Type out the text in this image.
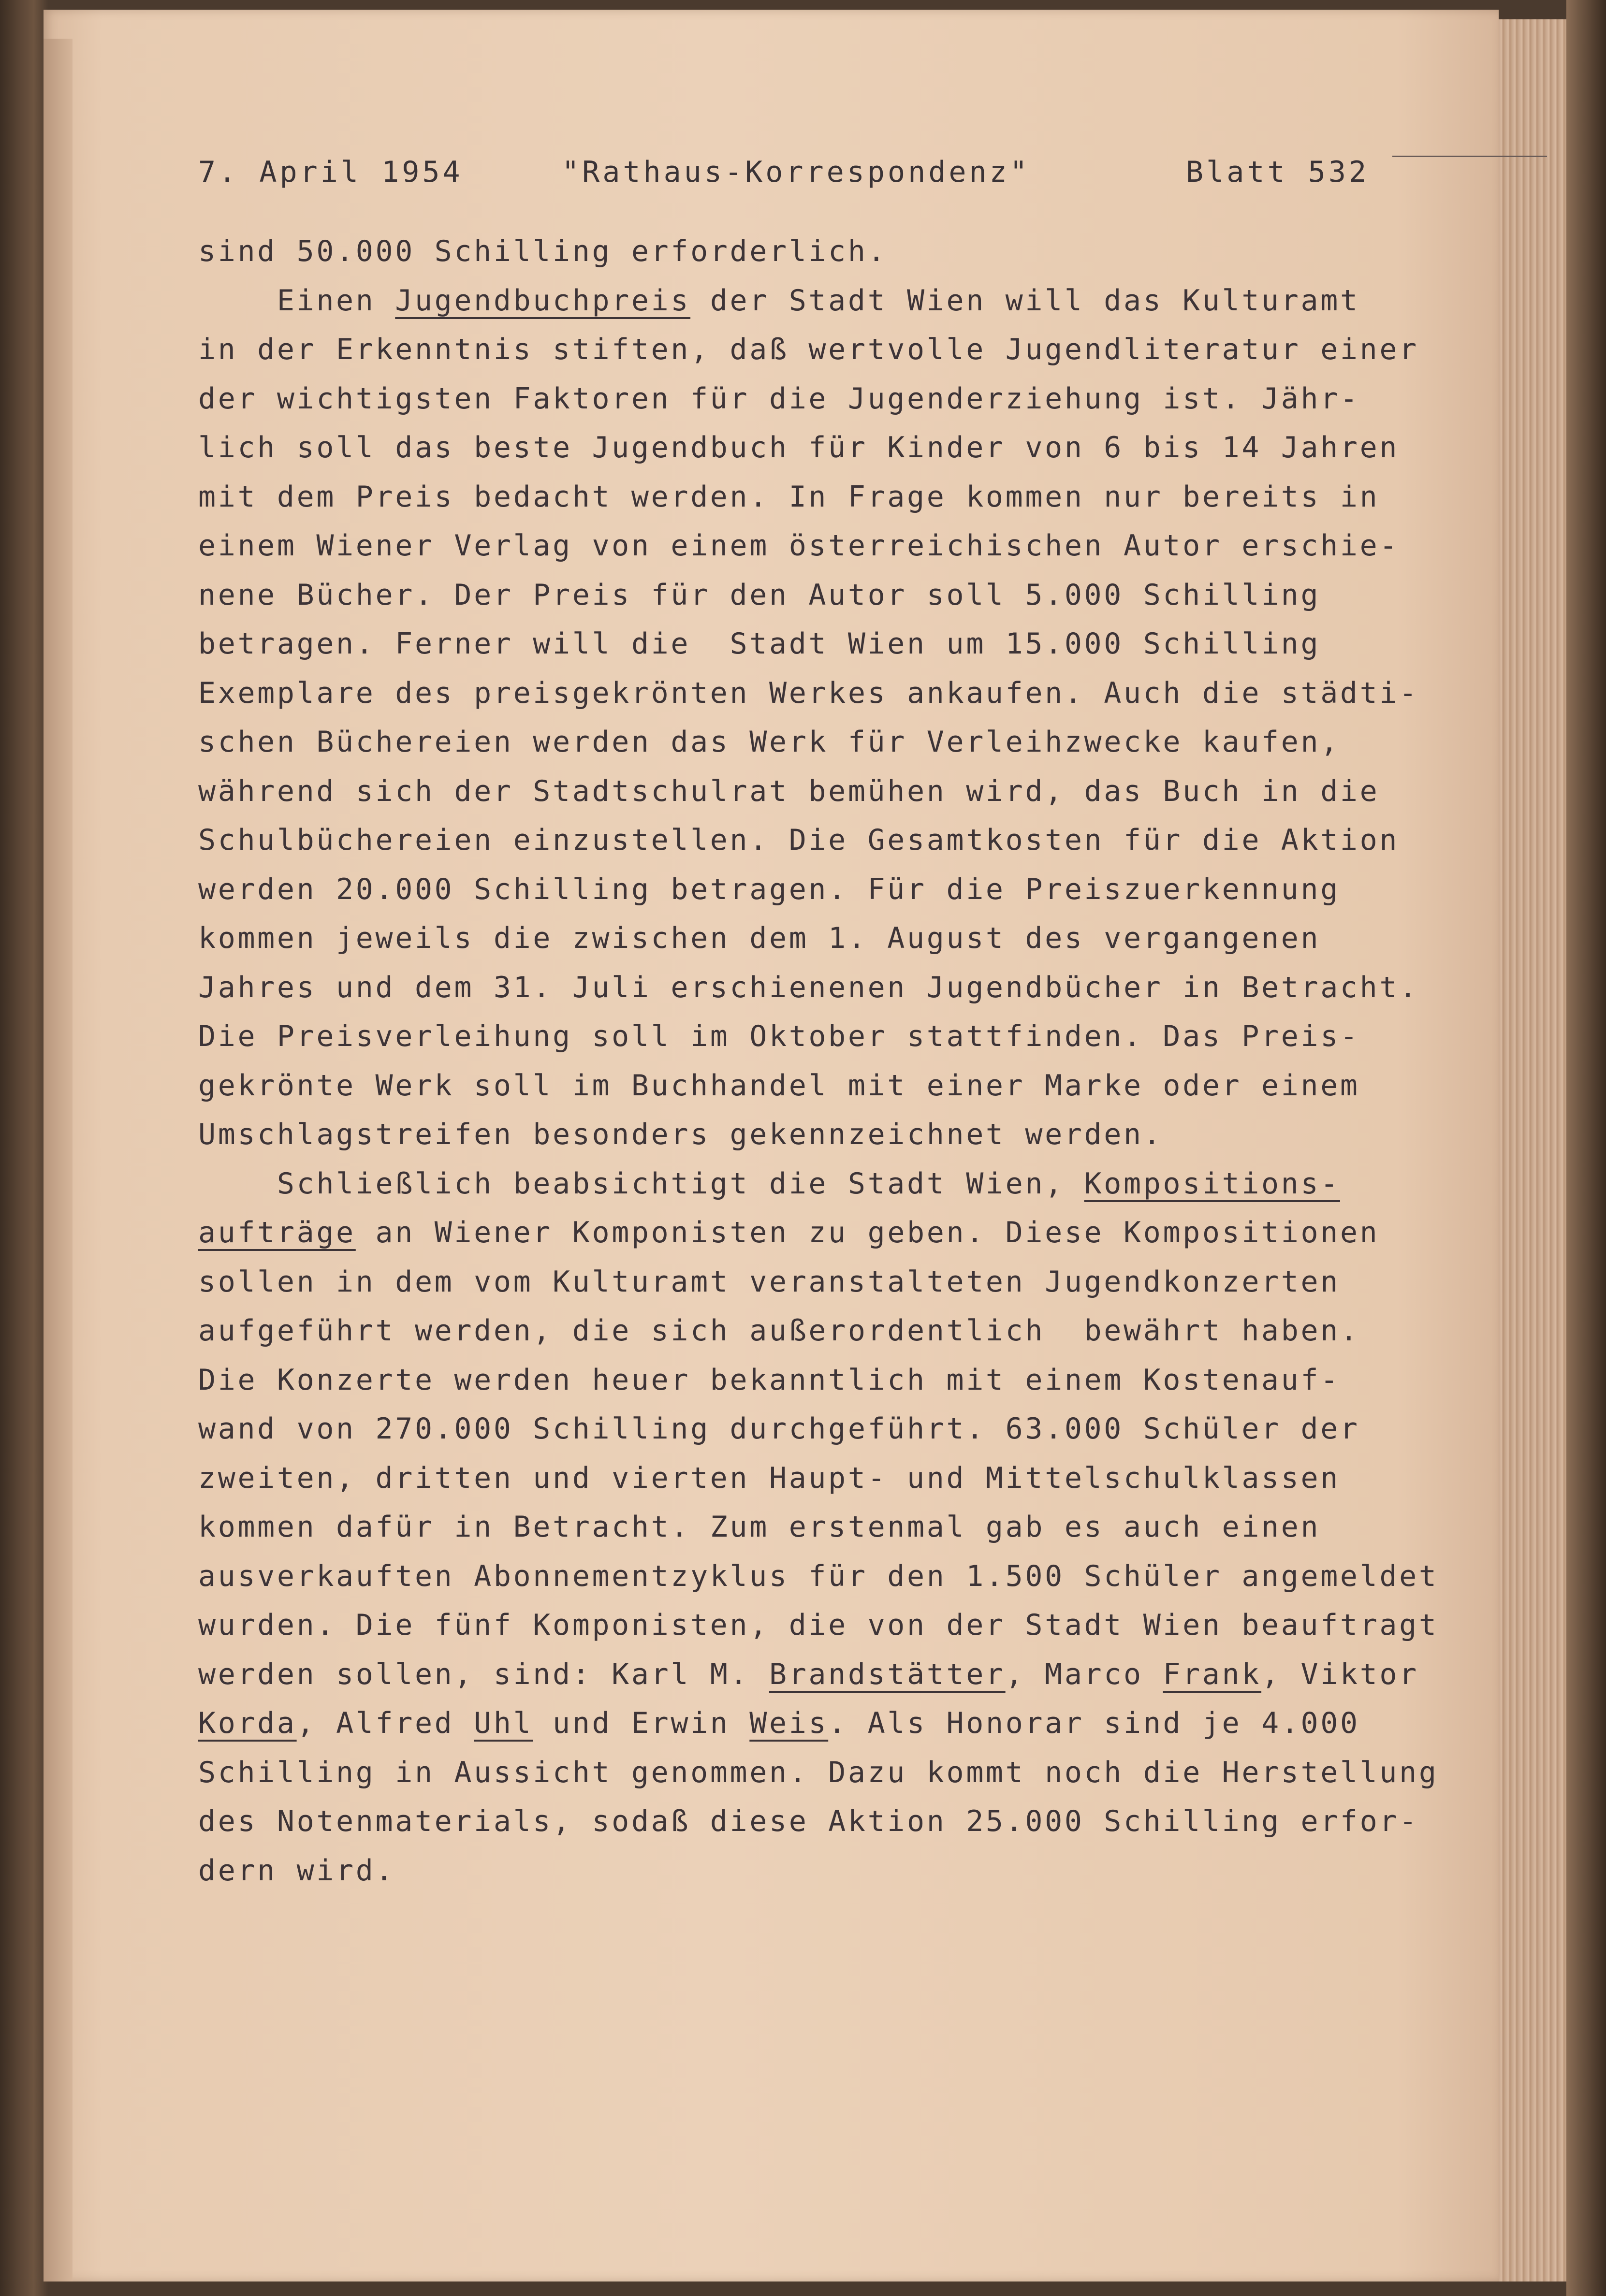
7. April 1954

	"Rathaus-Korrespondenz"

	Blatt 532

sind 50.000 Schilling erforderlich.
Einen Jugendbuchpreis der Stadt Wien will das Kulturamt
in der Erkenntnis stiften, daß wertvolle Jugendliteratur einer
der wichtigsten Faktoren für die Jugenderziehung ist. Jähr-
lich soll das beste Jugendbuch für Kinder von 6 bis 14 Jahren
mit dem Preis bedacht werden. In Frage kommen nur bereits in
einem Wiener Verlag von einem österreichischen Autor erschie-
nene Bücher. Der Preis für den Autor soll 5.000 Schilling
betragen. Ferner will die  Stadt Wien um 15.000 Schilling
Exemplare des preisgekrönten Werkes ankaufen. Auch die städti-
schen Büchereien werden das Werk für Verleihzwecke kaufen,
während sich der Stadtschulrat bemühen wird, das Buch in die
Schulbüchereien einzustellen. Die Gesamtkosten für die Aktion
werden 20.000 Schilling betragen. Für die Preiszuerkennung
kommen jeweils die zwischen dem 1. August des vergangenen
Jahres und dem 31. Juli erschienenen Jugendbücher in Betracht.
Die Preisverleihung soll im Oktober stattfinden. Das Preis-
gekrönte Werk soll im Buchhandel mit einer Marke oder einem
Umschlagstreifen besonders gekennzeichnet werden.
Schließlich beabsichtigt die Stadt Wien, Kompositions-
aufträge an Wiener Komponisten zu geben. Diese Kompositionen
sollen in dem vom Kulturamt veranstalteten Jugendkonzerten
aufgeführt werden, die sich außerordentlich  bewährt haben.
Die Konzerte werden heuer bekanntlich mit einem Kostenauf-
wand von 270.000 Schilling durchgeführt. 63.000 Schüler der
zweiten, dritten und vierten Haupt- und Mittelschulklassen
kommen dafür in Betracht. Zum erstenmal gab es auch einen
ausverkauften Abonnementzyklus für den 1.500 Schüler angemeldet
wurden. Die fünf Komponisten, die von der Stadt Wien beauftragt
werden sollen, sind: Karl M. Brandstätter, Marco Frank, Viktor
Korda, Alfred Uhl und Erwin Weis. Als Honorar sind je 4.000
Schilling in Aussicht genommen. Dazu kommt noch die Herstellung
des Notenmaterials, sodaß diese Aktion 25.000 Schilling erfor-
dern wird.
